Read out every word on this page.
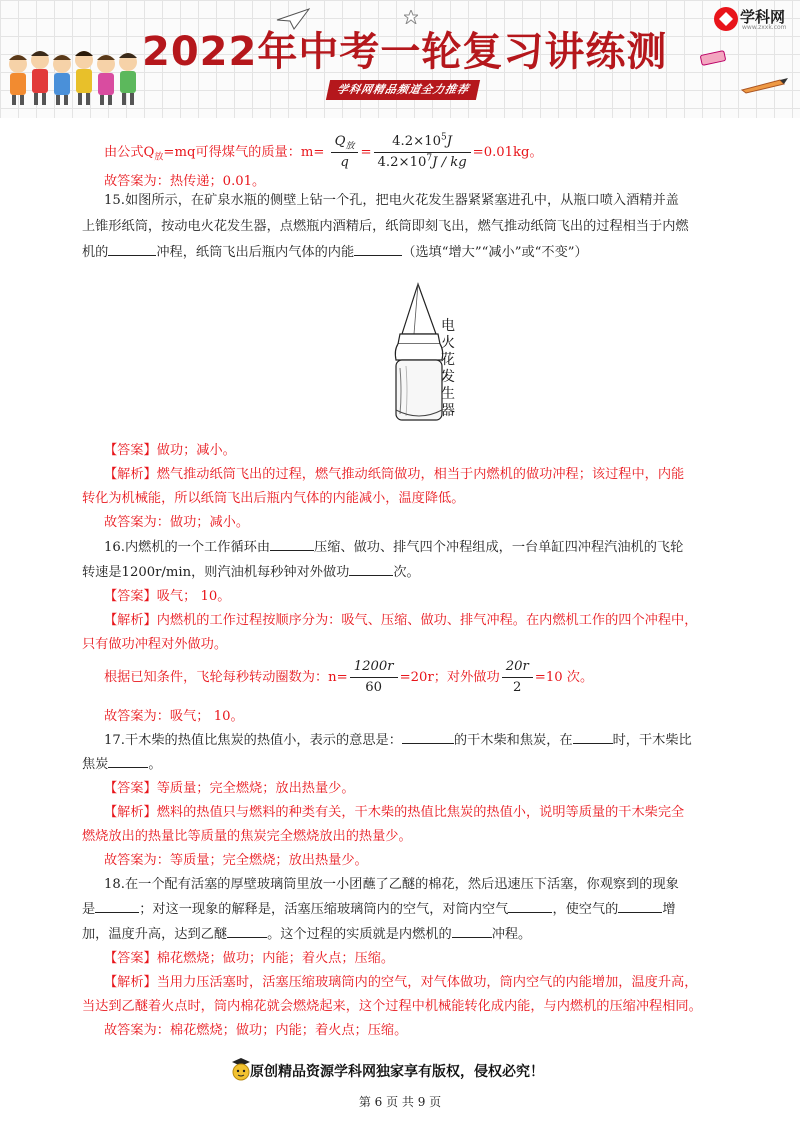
2022年中考一轮复习讲练测
学科网精品频道全力推荐
学科网
www.zxxk.com
由公式$Q_放=mq$可得煤气的质量：$m= \frac{Q_放}{q} = \frac{4.2\times 10^5J}{4.2\times 10^7J / kg} =0.01kg$。
故答案为：热传递；0.01。
15.如图所示，在矿泉水瓶的侧壁上钻一个孔，把电火花发生器紧紧塞进孔中，从瓶口喷入酒精并盖
上锥形纸筒，按动电火花发生器，点燃瓶内酒精后，纸筒即刻飞出，燃气推动纸筒飞出的过程相当于内燃
机的	冲程，纸筒飞出后瓶内气体的内能	（选填“增大”“减小”或“不变”）
电
火
花
发
生
器
【答案】做功；减小。
【解析】燃气推动纸筒飞出的过程，燃气推动纸筒做功，相当于内燃机的做功冲程；该过程中，内能
转化为机械能，所以纸筒飞出后瓶内气体的内能减小，温度降低。
故答案为：做功；减小。
16.内燃机的一个工作循环由	压缩、做功、排气四个冲程组成，一台单缸四冲程汽油机的飞轮
转速是1200r/min，则汽油机每秒钟对外做功	次。
【答案】吸气； 10。
【解析】内燃机的工作过程按顺序分为：吸气、压缩、做功、排气冲程。在内燃机工作的四个冲程中，
只有做功冲程对外做功。
根据已知条件，飞轮每秒转动圈数为：$n= \frac{1200r}{60} =20r$；对外做功 $\frac{20r}{2} =10$ 次。
故答案为：吸气； 10。
17.干木柴的热值比焦炭的热值小，表示的意思是：	的干木柴和焦炭，在	时，干木柴比
焦炭	。
【答案】等质量；完全燃烧；放出热量少。
【解析】燃料的热值只与燃料的种类有关，干木柴的热值比焦炭的热值小，说明等质量的干木柴完全
燃烧放出的热量比等质量的焦炭完全燃烧放出的热量少。
故答案为：等质量；完全燃烧；放出热量少。
18.在一个配有活塞的厚壁玻璃筒里放一小团蘸了乙醚的棉花，然后迅速压下活塞，你观察到的现象
是	；对这一现象的解释是，活塞压缩玻璃筒内的空气，对筒内空气	，使空气的	增
加，温度升高，达到乙醚	。这个过程的实质就是内燃机的	冲程。
【答案】棉花燃烧；做功；内能；着火点；压缩。
【解析】当用力压活塞时，活塞压缩玻璃筒内的空气，对气体做功，筒内空气的内能增加，温度升高，
当达到乙醚着火点时，筒内棉花就会燃烧起来，这个过程中机械能转化成内能，与内燃机的压缩冲程相同。
故答案为：棉花燃烧；做功；内能；着火点；压缩。
原创精品资源学科网独家享有版权，侵权必究！
第 6 页 共 9 页
